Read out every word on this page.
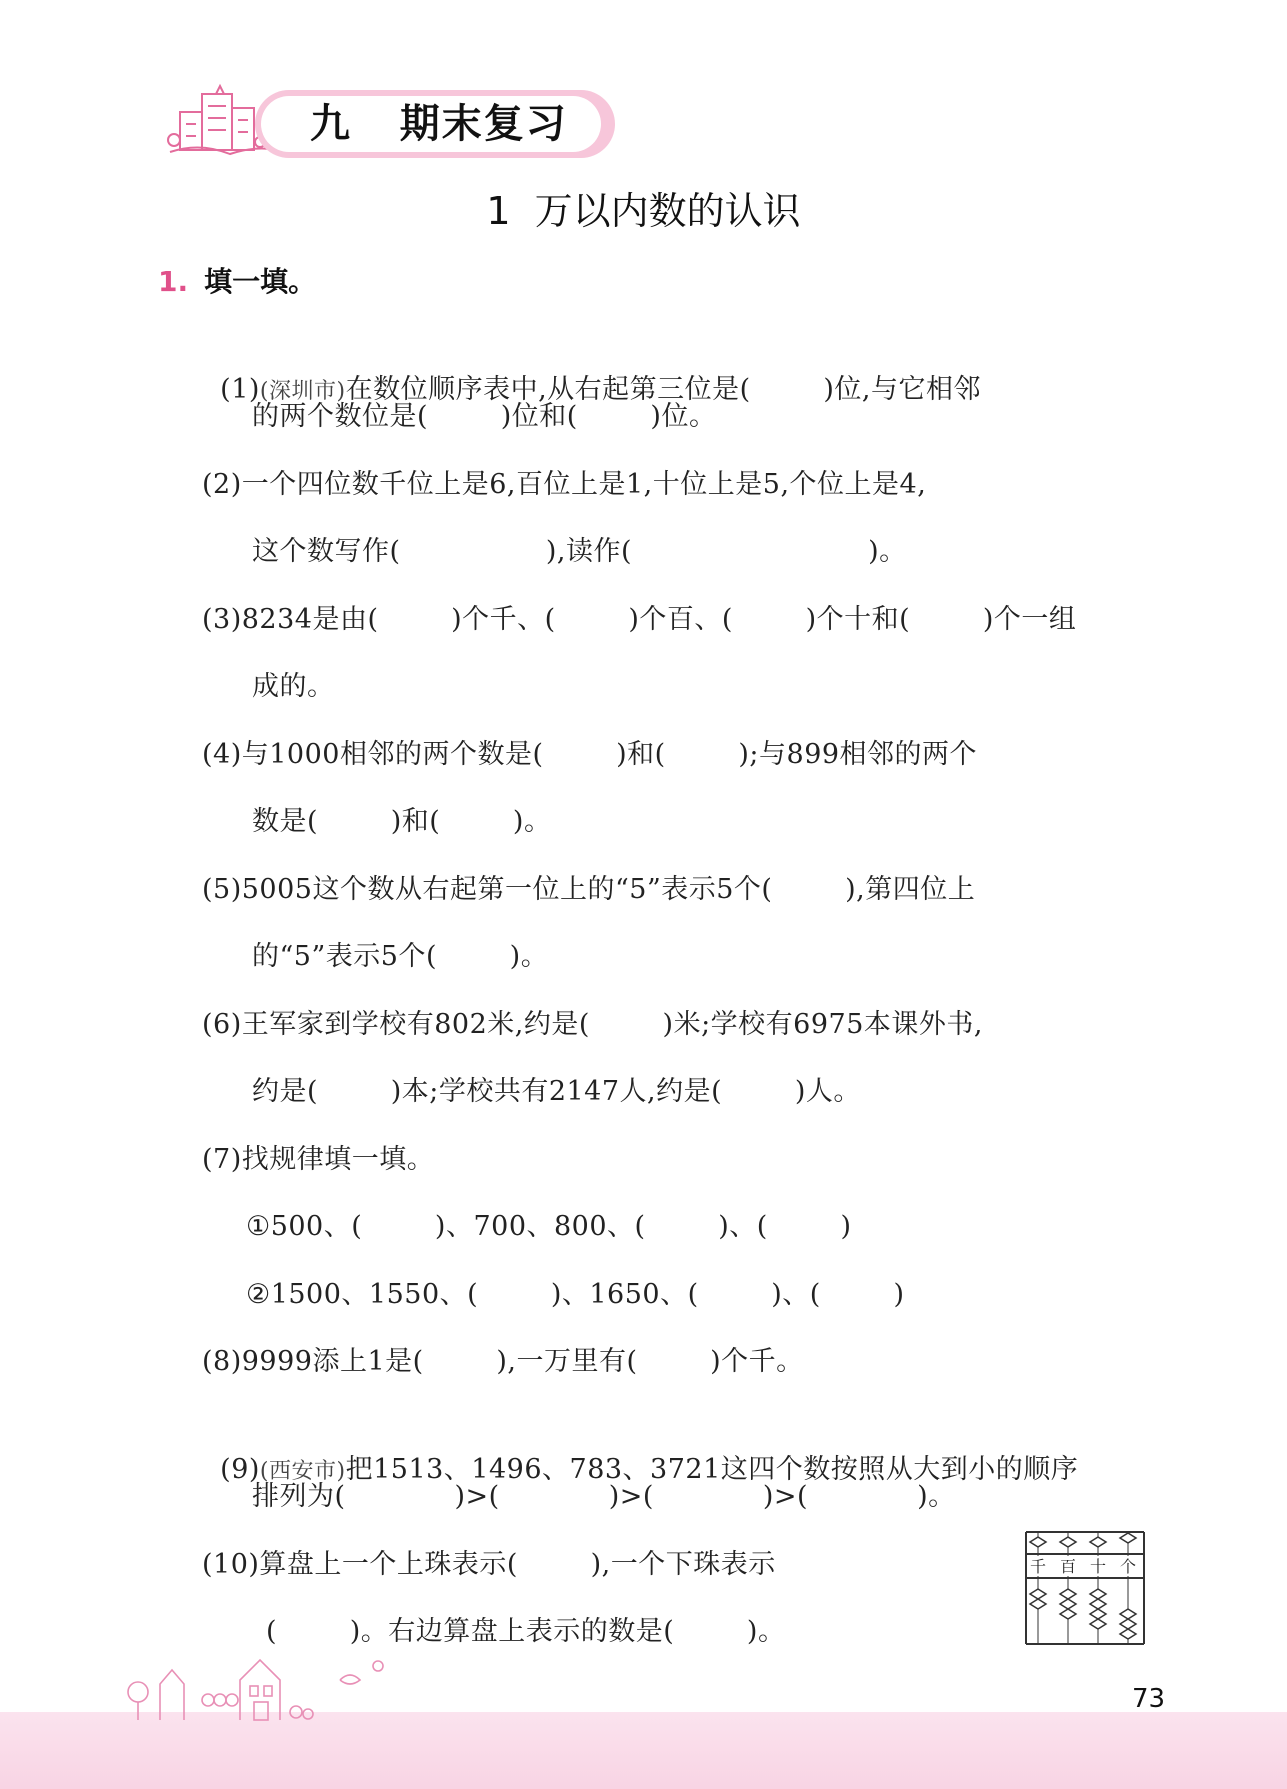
九   期末复习
1  万以内数的认识
1. 填一填。

(1)(深圳市)在数位顺序表中,从右起第三位是(        )位,与它相邻

的两个数位是(        )位和(        )位。
(2)一个四位数千位上是6,百位上是1,十位上是5,个位上是4,
这个数写作(                ),读作(                          )。
(3)8234是由(        )个千、(        )个百、(        )个十和(        )个一组
成的。
(4)与1000相邻的两个数是(        )和(        );与899相邻的两个
数是(        )和(        )。
(5)5005这个数从右起第一位上的“5”表示5个(        ),第四位上
的“5”表示5个(        )。
(6)王军家到学校有802米,约是(        )米;学校有6975本课外书,
约是(        )本;学校共有2147人,约是(        )人。
(7)找规律填一填。
①500、(        )、700、800、(        )、(        )
②1500、1550、(        )、1650、(        )、(        )
(8)9999添上1是(        ),一万里有(        )个千。

(9)(西安市)把1513、1496、783、3721这四个数按照从大到小的顺序

排列为(            )>(            )>(            )>(            )。
(10)算盘上一个上珠表示(        ),一个下珠表示
(        )。右边算盘上表示的数是(        )。
千 百 十 个
73
